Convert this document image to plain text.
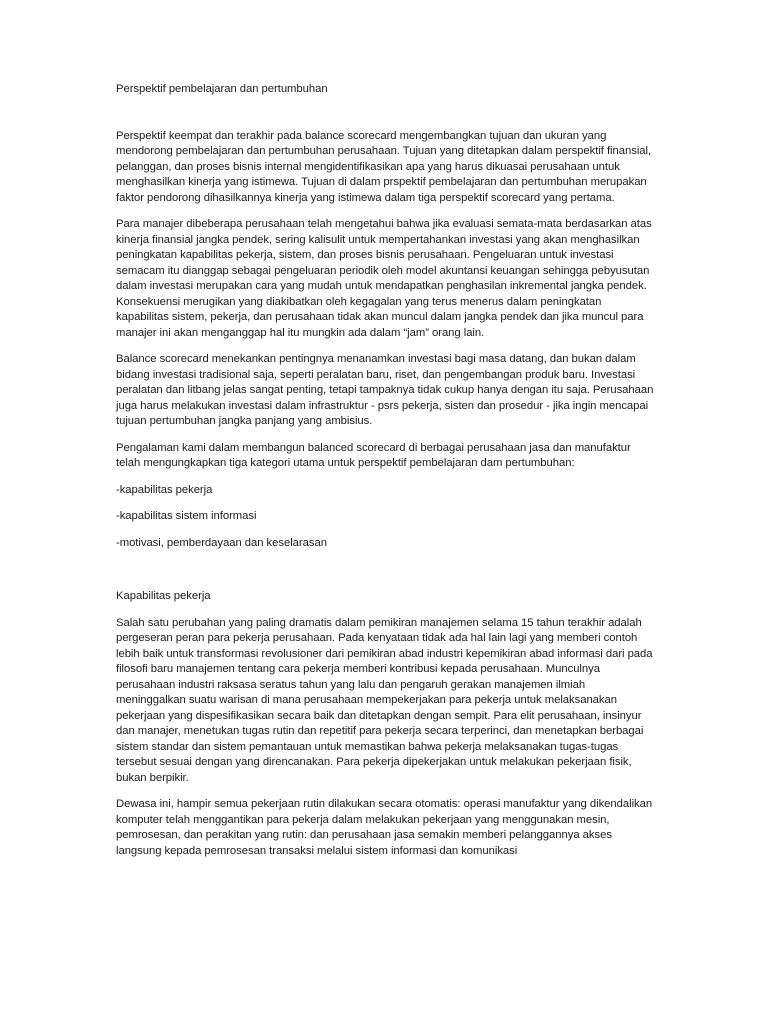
Perspektif pembelajaran dan pertumbuhan

Perspektif keempat dan terakhir pada balance scorecard mengembangkan tujuan dan ukuran yang mendorong pembelajaran dan pertumbuhan perusahaan. Tujuan yang ditetapkan dalam perspektif finansial, pelanggan, dan proses bisnis internal mengidentifikasikan apa yang harus dikuasai perusahaan untuk menghasilkan kinerja yang istimewa. Tujuan di dalam prspektif pembelajaran dan pertumbuhan merupakan faktor pendorong dihasilkannya kinerja yang istimewa dalam tiga perspektif scorecard yang pertama.

Para manajer dibeberapa perusahaan telah mengetahui bahwa jika evaluasi semata-mata berdasarkan atas kinerja finansial jangka pendek, sering kalisulit untuk mempertahankan investasi yang akan menghasilkan peningkatan kapabilitas pekerja, sistem, dan proses bisnis perusahaan. Pengeluaran untuk investasi semacam itu dianggap sebagai pengeluaran periodik oleh model akuntansi keuangan sehingga pebyusutan dalam investasi merupakan cara yang mudah untuk mendapatkan penghasilan inkremental jangka pendek. Konsekuensi merugikan yang diakibatkan oleh kegagalan yang terus menerus dalam peningkatan kapabilitas sistem, pekerja, dan perusahaan tidak akan muncul dalam jangka pendek dan jika muncul para manajer ini akan menganggap hal itu mungkin ada dalam “jam” orang lain.

Balance scorecard menekankan pentingnya menanamkan investasi bagi masa datang, dan bukan dalam bidang investasi tradisional saja, seperti peralatan baru, riset, dan pengembangan produk baru. Investasi peralatan dan litbang jelas sangat penting, tetapi tampaknya tidak cukup hanya dengan itu saja. Perusahaan juga harus melakukan investasi dalam infrastruktur - psrs pekerja, sisten dan prosedur - jika ingin mencapai tujuan pertumbuhan jangka panjang yang ambisius.

Pengalaman kami dalam membangun balanced scorecard di berbagai perusahaan jasa dan manufaktur telah mengungkapkan tiga kategori utama untuk perspektif pembelajaran dam pertumbuhan:

-kapabilitas pekerja

-kapabilitas sistem informasi

-motivasi, pemberdayaan dan keselarasan

Kapabilitas pekerja

Salah satu perubahan yang paling dramatis dalam pemikiran manajemen selama 15 tahun terakhir adalah pergeseran peran para pekerja perusahaan. Pada kenyataan tidak ada hal lain lagi yang memberi contoh lebih baik untuk transformasi revolusioner dari pemikiran abad industri kepemikiran abad informasi dari pada filosofi baru manajemen tentang cara pekerja memberi kontribusi kepada perusahaan. Munculnya perusahaan industri raksasa seratus tahun yang lalu dan pengaruh gerakan manajemen ilmiah meninggalkan suatu warisan di mana perusahaan mempekerjakan para pekerja untuk melaksanakan pekerjaan yang dispesifikasikan secara baik dan ditetapkan dengan sempit. Para elit perusahaan, insinyur dan manajer, menetukan tugas rutin dan repetitif para pekerja secara terperinci, dan menetapkan berbagai sistem standar dan sistem pemantauan untuk memastikan bahwa pekerja melaksanakan tugas-tugas tersebut sesuai dengan yang direncanakan. Para pekerja dipekerjakan untuk melakukan pekerjaan fisik, bukan berpikir.

Dewasa ini, hampir semua pekerjaan rutin dilakukan secara otomatis: operasi manufaktur yang dikendalikan komputer telah menggantikan para pekerja dalam melakukan pekerjaan yang menggunakan mesin, pemrosesan, dan perakitan yang rutin: dan perusahaan jasa semakin memberi pelanggannya akses langsung kepada pemrosesan transaksi melalui sistem informasi dan komunikasi
